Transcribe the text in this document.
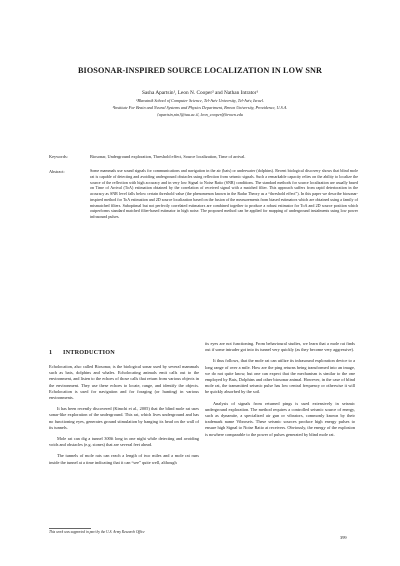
BIOSONAR-INSPIRED SOURCE LOCALIZATION IN LOW SNR
Sasha Apartsin¹, Leon N. Cooper² and Nathan Intrator¹
¹Blavatnik School of Computer Science, Tel-Aviv University, Tel-Aviv, Israel.
²Institute For Brain and Neural Systems and Physics Department, Brown University, Providence, U.S.A.
{apartsin,nin}@tau.ac.il, leon_cooper@brown.edu
Keywords:	Biosonar, Underground exploration, Threshold effect, Source localization, Time of arrival.
Abstract:	Some mammals use sound signals for communications and navigation in the air (bats) or underwater (dolphins). Recent biological discovery shows that blind mole rat is capable of detecting and avoiding underground obstacles using reflection from seismic signals. Such a remarkable capacity relies on the ability to localize the source of the reflection with high accuracy and in very low Signal to Noise Ratio (SNR) conditions. The standard methods for source localization are usually based on Time of Arrival (ToA) estimation obtained by the correlation of received signal with a matched filter. This approach suffers from rapid deterioration in the accuracy as SNR level falls below certain threshold value (the phenomenon known in the Radar Theory as a “threshold effect”). In this paper we describe biosonar-inspired method for ToA estimation and 2D source localization based on the fusion of the measurements from biased estimators which are obtained using a family of mismatched filters. Suboptimal but not perfectly correlated estimators are combined together to produce a robust estimator for ToA and 2D source position which outperforms standard matched filter-based estimator in high noise. The proposed method can be applied for mapping of underground instalments using low power infrasound pulses.
1 INTRODUCTION

Echolocation, also called Biosonar, is the biological sonar used by several mammals such as bats, dolphins and whales. Echolocating animals emit calls out to the environment, and listen to the echoes of those calls that return from various objects in the environment. They use these echoes to locate, range, and identify the objects. Echolocation is used for navigation and for foraging (or hunting) in various environments.

It has been recently discovered (Kimchi et al., 2005) that the blind mole rat uses sonar-like exploration of the underground. This rat, which lives underground and has no functioning eyes, generates ground stimulation by banging its head on the wall of its tunnels.

Mole rat can dig a tunnel 300ft long in one night while detecting and avoiding voids and obstacles (e.g. stones) that are several feet ahead.

The tunnels of mole rats can reach a length of two miles and a mole rat runs inside the tunnel at a time indicating that it can “see” quite well, although

its eyes are not functioning. From behavioural studies, we learn that a mole rat finds out if some intruder got into its tunnel very quickly (as they become very aggressive).

It thus follows, that the mole rat can utilize its infrasound exploration device to a long range of over a mile. How are the ping returns being transformed into an image, we do not quite know, but one can expect that the mechanism is similar to the one employed by Bats, Dolphins and other biosonar animal. However, in the case of blind mole rat, the transmitted seismic pulse has low central frequency or otherwise it will be quickly absorbed by the soil.

Analysis of signals from returned pings is used extensively in seismic underground exploration. The method requires a controlled seismic source of energy, such as dynamite, a specialized air gun or vibrators, commonly known by their trademark name Vibroseis. These seismic sources produce high energy pulses to ensure high Signal to Noise Ratio at receivers. Obviously, the energy of the explosion is nowhere comparable to the power of pulses generated by blind mole rat.

This work was supported in part by the U.S. Army Research Office
399
